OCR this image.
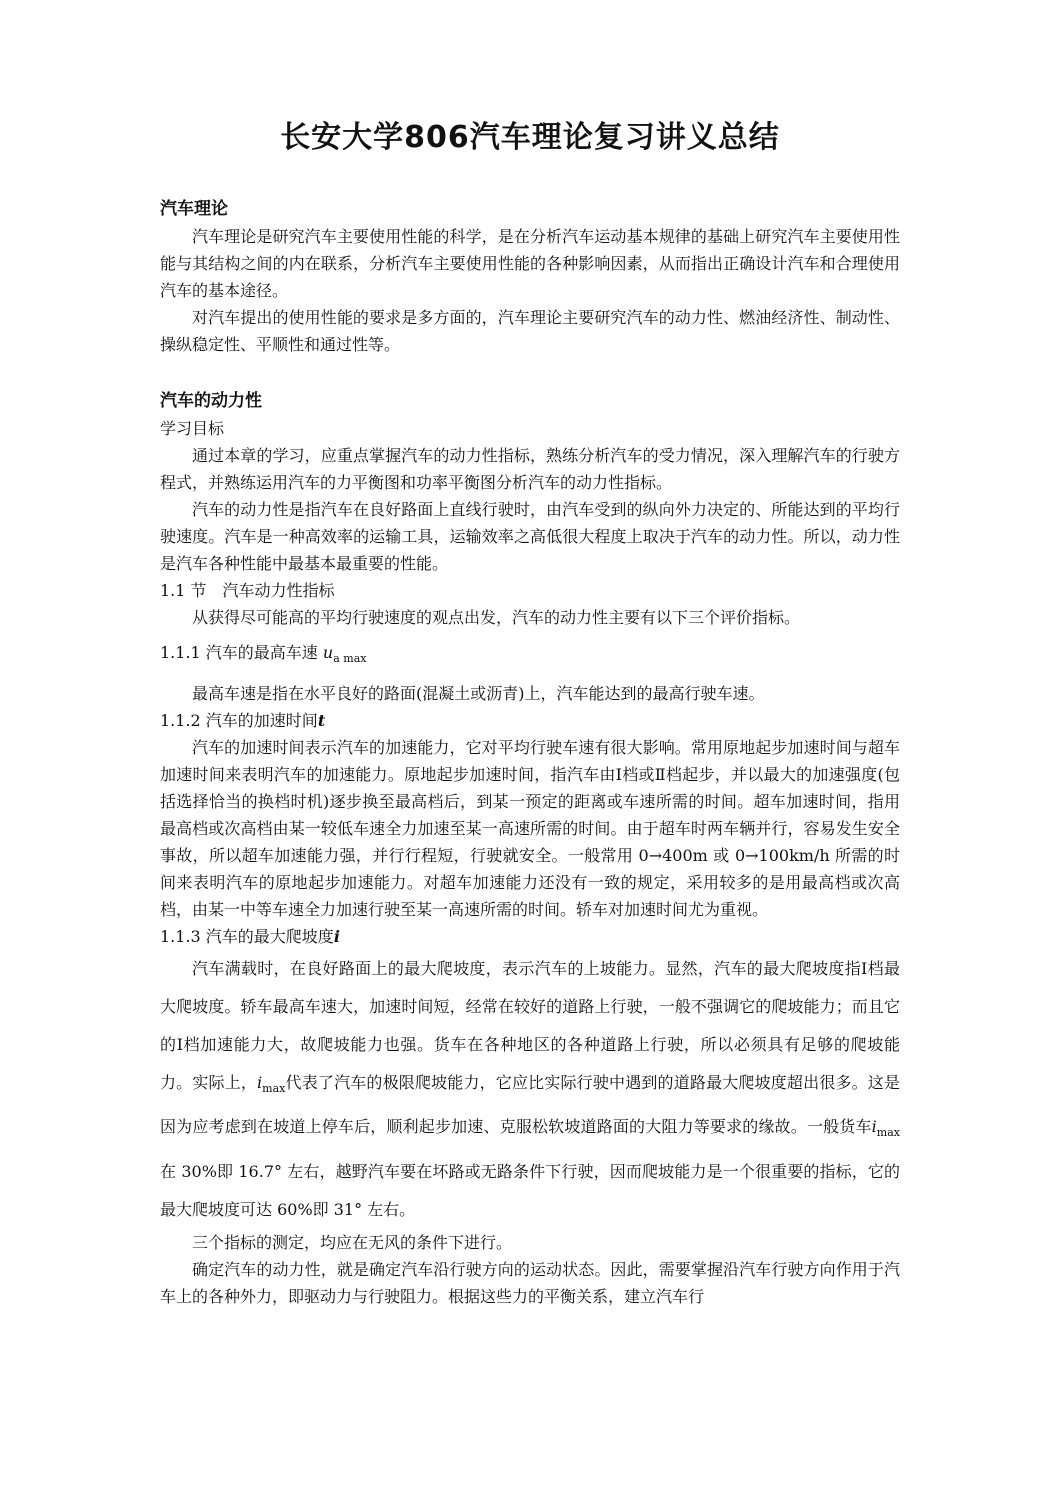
长安大学806汽车理论复习讲义总结
汽车理论

汽车理论是研究汽车主要使用性能的科学，是在分析汽车运动基本规律的基础上研究汽车主要使用性能与其结构之间的内在联系，分析汽车主要使用性能的各种影响因素，从而指出正确设计汽车和合理使用汽车的基本途径。

对汽车提出的使用性能的要求是多方面的，汽车理论主要研究汽车的动力性、燃油经济性、制动性、操纵稳定性、平顺性和通过性等。

汽车的动力性
学习目标

通过本章的学习，应重点掌握汽车的动力性指标，熟练分析汽车的受力情况，深入理解汽车的行驶方程式，并熟练运用汽车的力平衡图和功率平衡图分析汽车的动力性指标。

汽车的动力性是指汽车在良好路面上直线行驶时，由汽车受到的纵向外力决定的、所能达到的平均行驶速度。汽车是一种高效率的运输工具，运输效率之高低很大程度上取决于汽车的动力性。所以，动力性是汽车各种性能中最基本最重要的性能。

1.1 节　汽车动力性指标

从获得尽可能高的平均行驶速度的观点出发，汽车的动力性主要有以下三个评价指标。

1.1.1 汽车的最高车速 $u_{a max}$

最高车速是指在水平良好的路面(混凝土或沥青)上，汽车能达到的最高行驶车速。

1.1.2 汽车的加速时间t

汽车的加速时间表示汽车的加速能力，它对平均行驶车速有很大影响。常用原地起步加速时间与超车加速时间来表明汽车的加速能力。原地起步加速时间，指汽车由Ⅰ档或Ⅱ档起步，并以最大的加速强度(包括选择恰当的换档时机)逐步换至最高档后，到某一预定的距离或车速所需的时间。超车加速时间，指用最高档或次高档由某一较低车速全力加速至某一高速所需的时间。由于超车时两车辆并行，容易发生安全事故，所以超车加速能力强，并行行程短，行驶就安全。一般常用 0→400m 或 0→100km/h 所需的时间来表明汽车的原地起步加速能力。对超车加速能力还没有一致的规定，采用较多的是用最高档或次高档，由某一中等车速全力加速行驶至某一高速所需的时间。轿车对加速时间尤为重视。

1.1.3 汽车的最大爬坡度i

汽车满载时，在良好路面上的最大爬坡度，表示汽车的上坡能力。显然，汽车的最大爬坡度指Ⅰ档最大爬坡度。轿车最高车速大，加速时间短，经常在较好的道路上行驶，一般不强调它的爬坡能力；而且它的Ⅰ档加速能力大，故爬坡能力也强。货车在各种地区的各种道路上行驶，所以必须具有足够的爬坡能力。实际上，$i_{max}$代表了汽车的极限爬坡能力，它应比实际行驶中遇到的道路最大爬坡度超出很多。这是因为应考虑到在坡道上停车后，顺利起步加速、克服松软坡道路面的大阻力等要求的缘故。一般货车$i_{max}$在 30%即 16.7° 左右，越野汽车要在坏路或无路条件下行驶，因而爬坡能力是一个很重要的指标，它的最大爬坡度可达 60%即 31° 左右。

三个指标的测定，均应在无风的条件下进行。

确定汽车的动力性，就是确定汽车沿行驶方向的运动状态。因此，需要掌握沿汽车行驶方向作用于汽车上的各种外力，即驱动力与行驶阻力。根据这些力的平衡关系，建立汽车行
